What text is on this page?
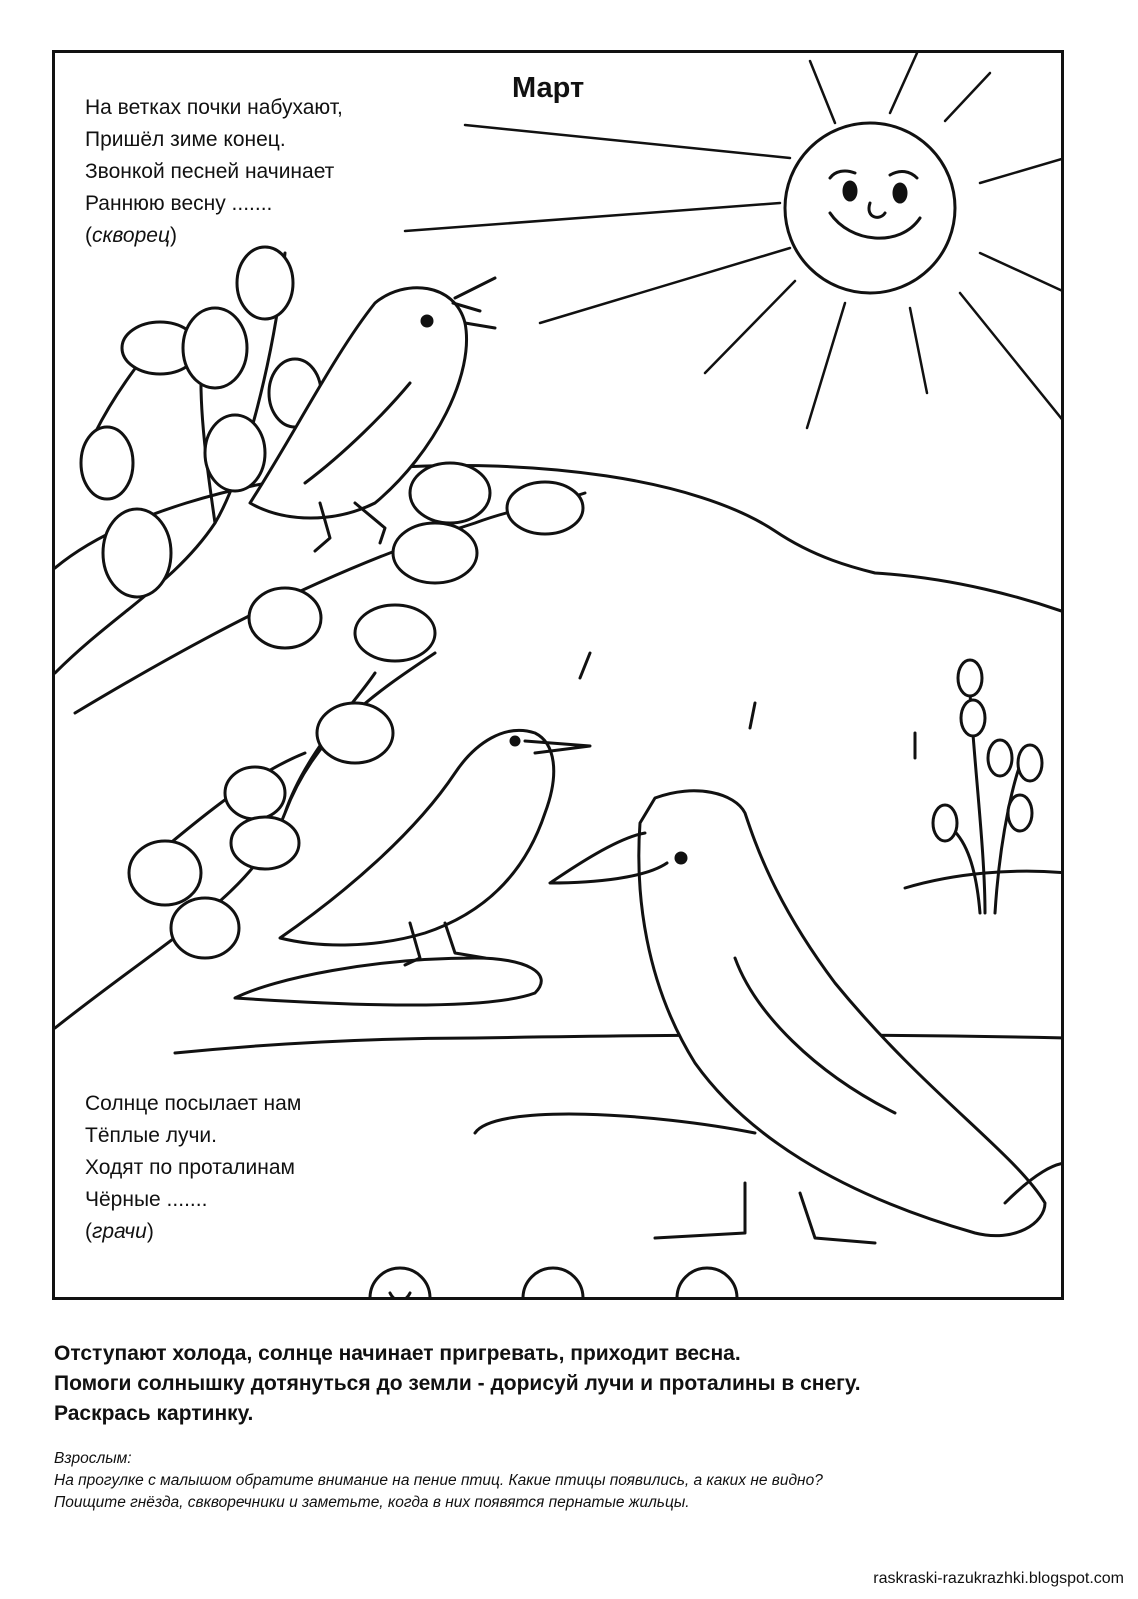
Март
На ветках почки набухают,
Пришёл зиме конец.
Звонкой песней начинает
Раннюю весну .......
(скворец)
Солнце посылает нам
Тёплые лучи.
Ходят по проталинам
Чёрные .......
(грачи)
Отступают холода, солнце начинает пригревать, приходит весна.
Помоги солнышку дотянуться до земли - дорисуй лучи и проталины в снегу.
Раскрась картинку.
Взрослым:
На прогулке с малышом обратите внимание на пение птиц. Какие птицы появились, а каких не видно?
Поищите гнёзда, свкворечники и заметьте, когда в них появятся пернатые жильцы.
raskraski-razukrazhki.blogspot.com
